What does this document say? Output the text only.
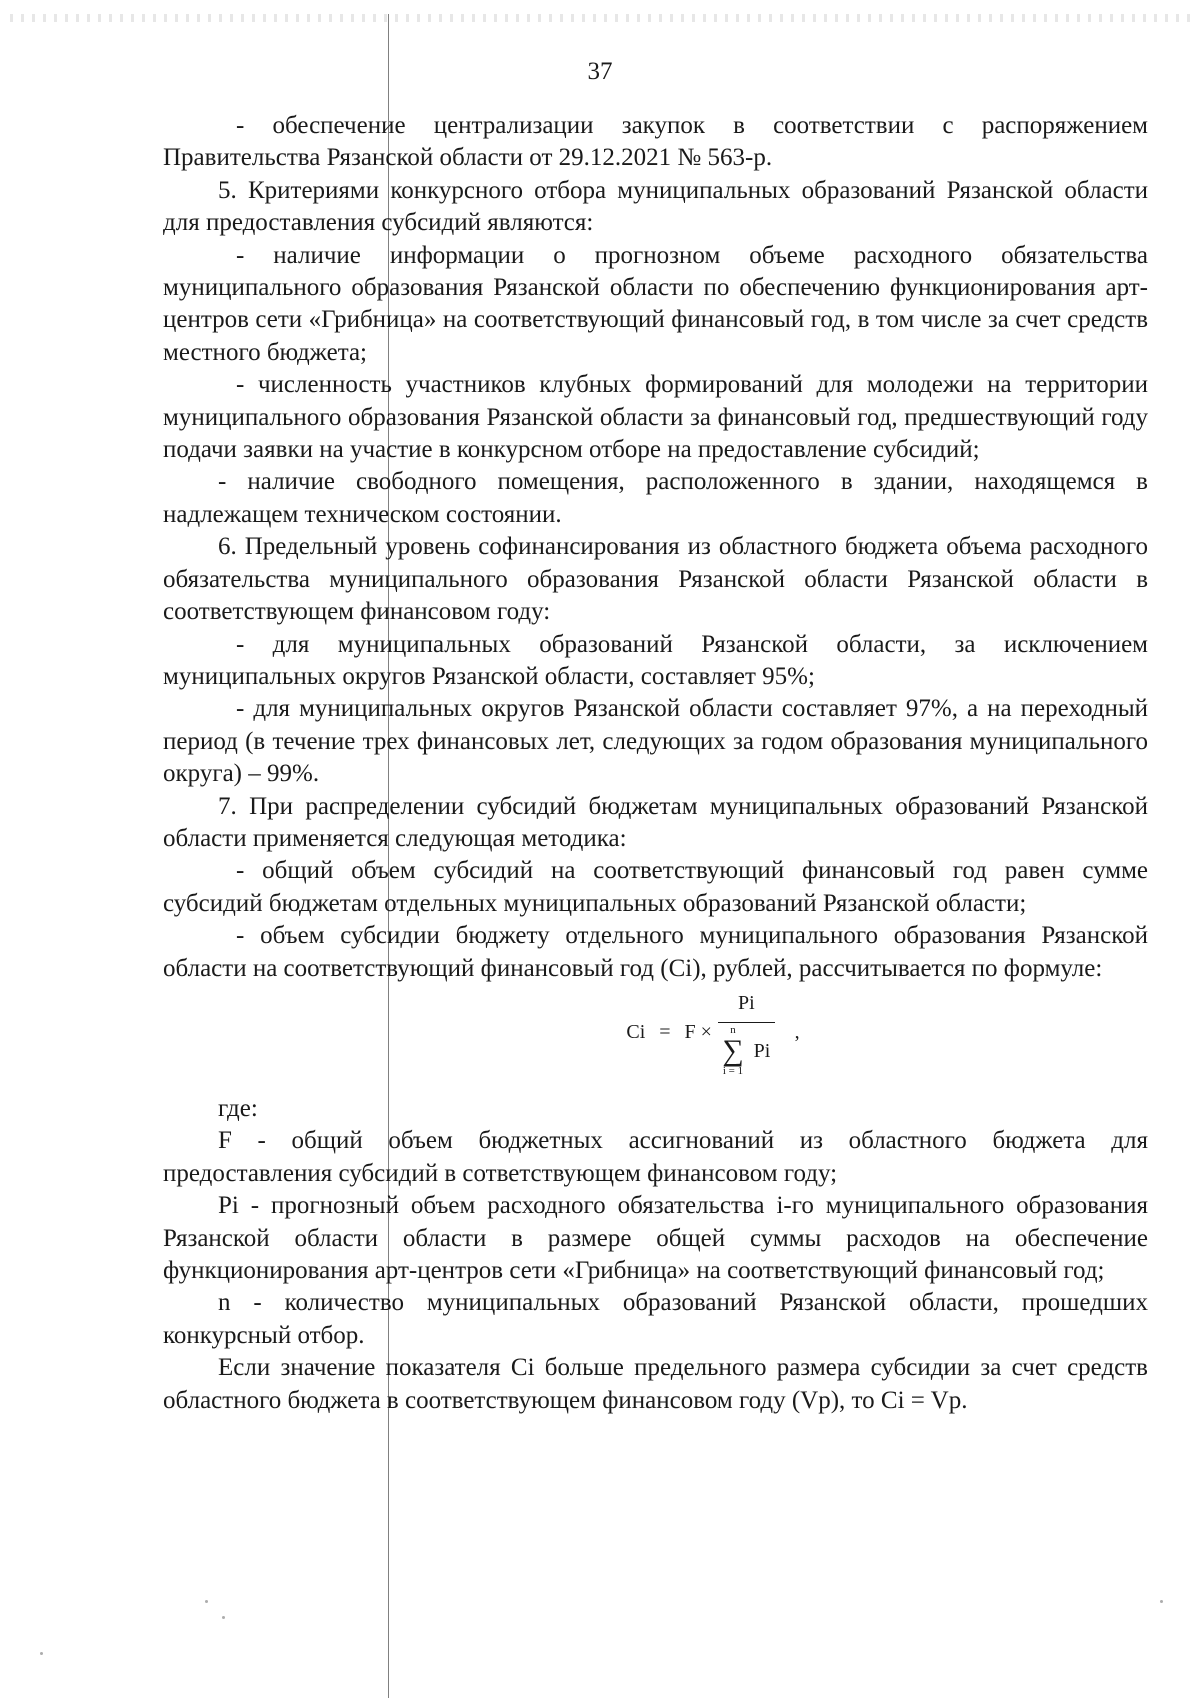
37

- обеспечение централизации закупок в соответствии с распоряжением Правительства Рязанской области от 29.12.2021 № 563-р.

5. Критериями конкурсного отбора муниципальных образований Рязанской области для предоставления субсидий являются:

- наличие информации о прогнозном объеме расходного обязательства муниципального образования Рязанской области по обеспечению функционирования арт-центров сети «Грибница» на соответствующий финансовый год, в том числе за счет средств местного бюджета;

- численность участников клубных формирований для молодежи на территории муниципального образования Рязанской области за финансовый год, предшествующий году подачи заявки на участие в конкурсном отборе на предоставление субсидий;

- наличие свободного помещения, расположенного в здании, находящемся в надлежащем техническом состоянии.

6. Предельный уровень софинансирования из областного бюджета объема расходного обязательства муниципального образования Рязанской области Рязанской области в соответствующем финансовом году:

- для муниципальных образований Рязанской области, за исключением муниципальных округов Рязанской области, составляет 95%;

- для муниципальных округов Рязанской области составляет 97%, а на переходный период (в течение трех финансовых лет, следующих за годом образования муниципального округа) – 99%.

7. При распределении субсидий бюджетам муниципальных образований Рязанской области применяется следующая методика:

- общий объем субсидий на соответствующий финансовый год равен сумме субсидий бюджетам отдельных муниципальных образований Рязанской области;

- объем субсидии бюджету отдельного муниципального образования Рязанской области на соответствующий финансовый год (Ci), рублей, рассчитывается по формуле:

Ci = F × Pi
n
∑
i = 1
Pi ,

где:

F - общий объем бюджетных ассигнований из областного бюджета для предоставления субсидий в сответствующем финансовом году;

Pi - прогнозный объем расходного обязательства i-го муниципального образования Рязанской области области в размере общей суммы расходов на обеспечение функционирования арт-центров сети «Грибница» на соответствующий финансовый год;

n - количество муниципальных образований Рязанской области, прошедших конкурсный отбор.

Если значение показателя Ci больше предельного размера субсидии за счет средств областного бюджета в соответствующем финансовом году (Vp), то Ci = Vp.
